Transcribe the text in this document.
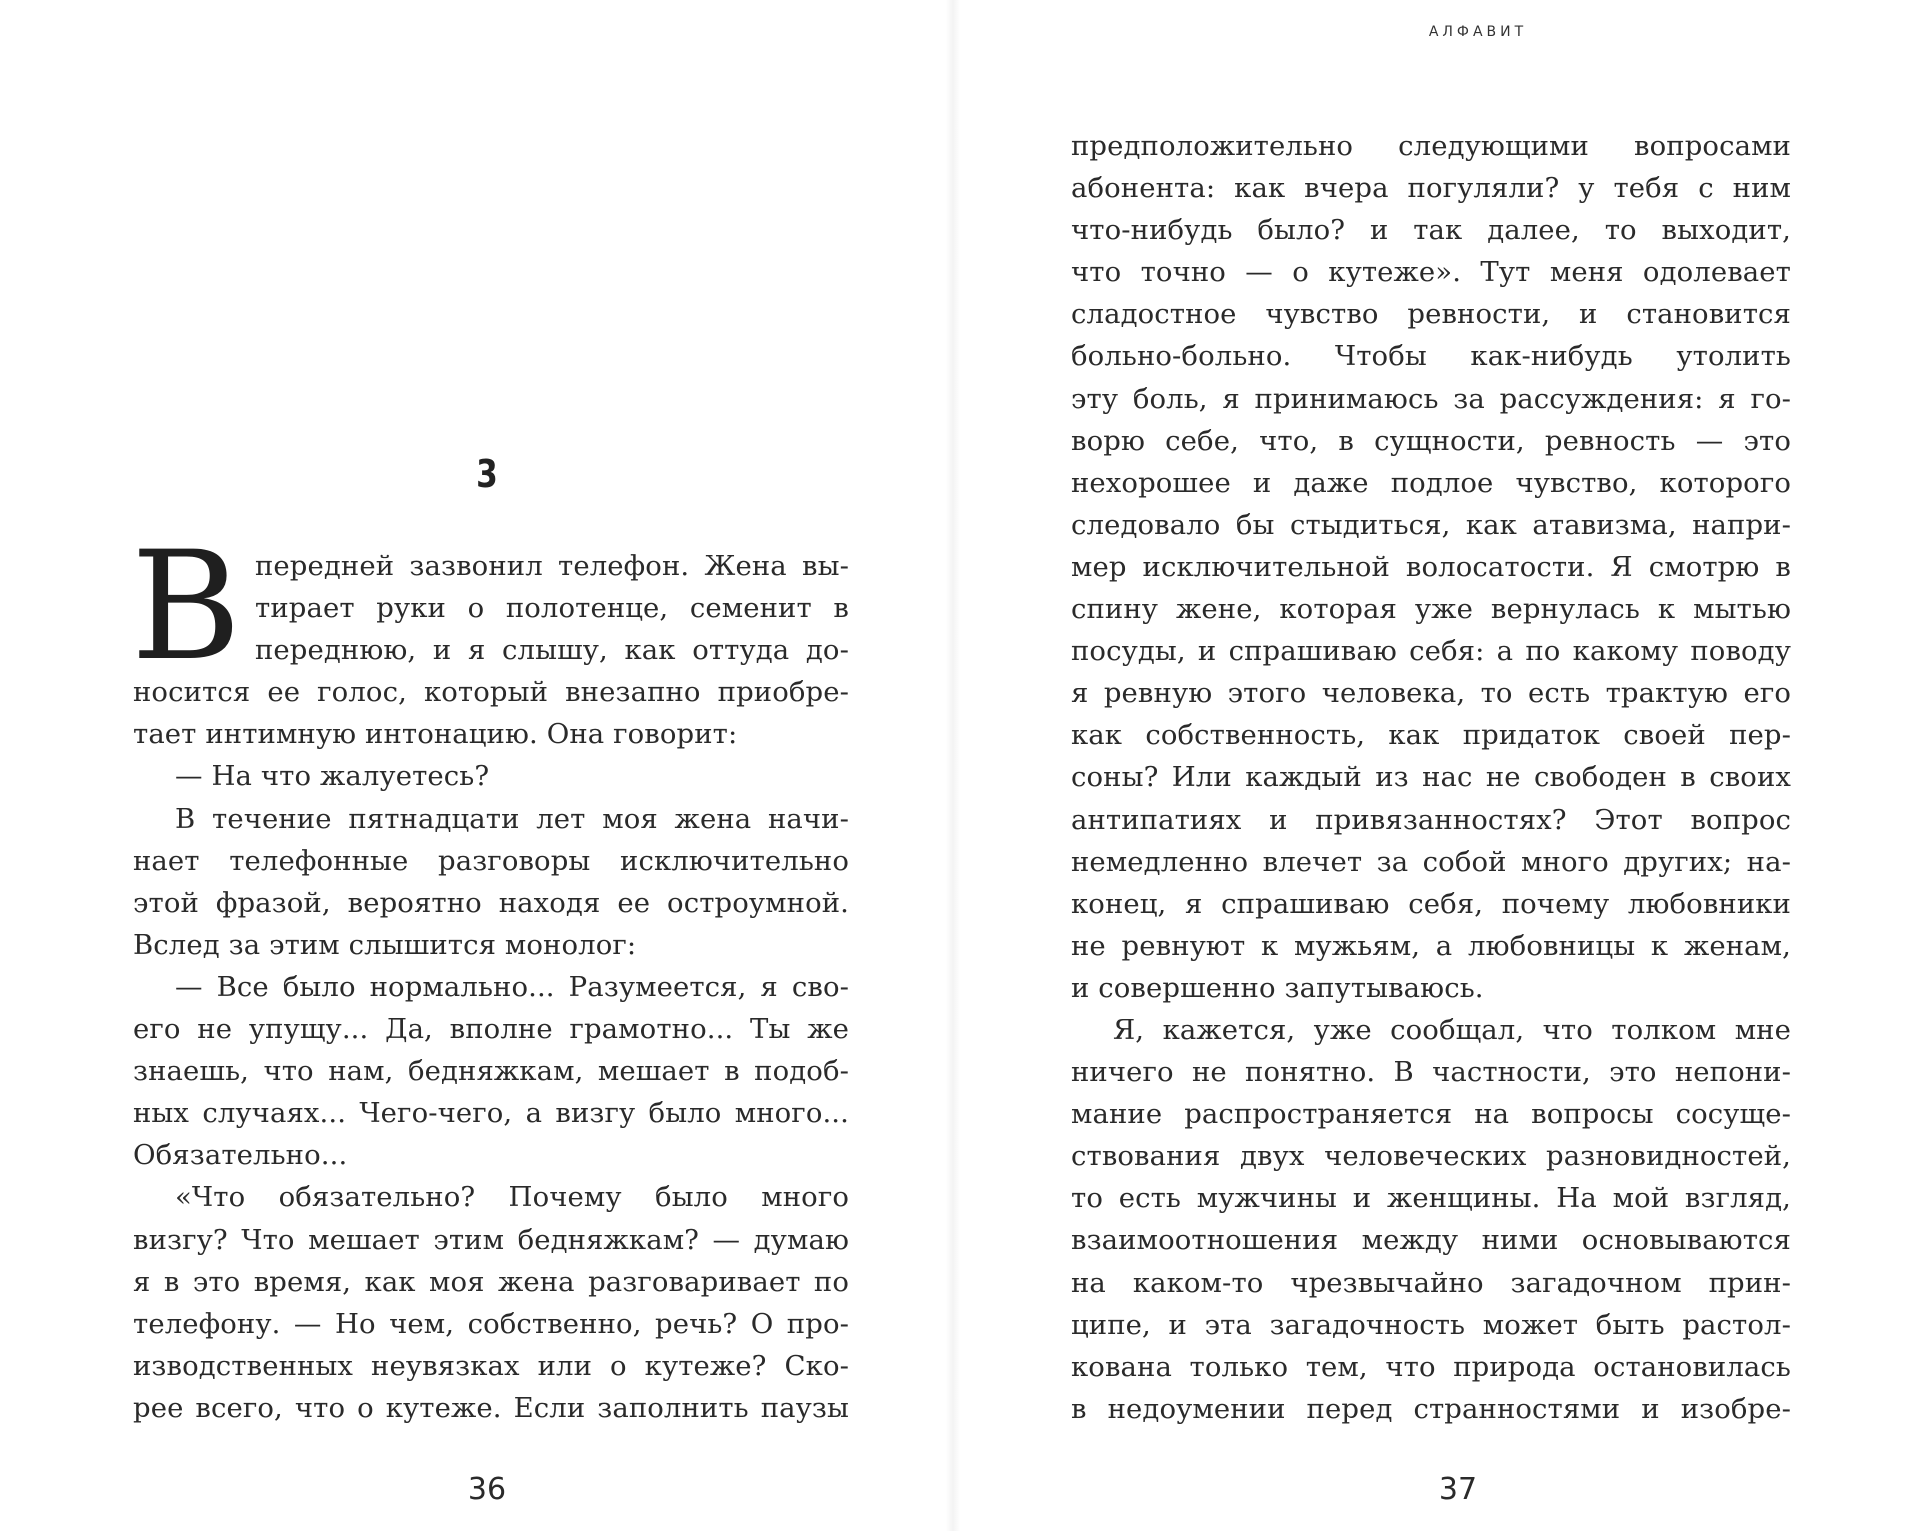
3
В передней зазвонил телефон. Жена вы-
тирает руки о полотенце, семенит в
переднюю, и я слышу, как оттуда до-
носится ее голос, который внезапно приобре-
тает интимную интонацию. Она говорит:
— На что жалуетесь?
В течение пятнадцати лет моя жена начи-
нает телефонные разговоры исключительно
этой фразой, вероятно находя ее остроумной.
Вслед за этим слышится монолог:
— Все было нормально... Разумеется, я сво-
его не упущу... Да, вполне грамотно... Ты же
знаешь, что нам, бедняжкам, мешает в подоб-
ных случаях... Чего-чего, а визгу было много...
Обязательно...
«Что обязательно? Почему было много
визгу? Что мешает этим бедняжкам? — думаю
я в это время, как моя жена разговаривает по
телефону. — Но чем, собственно, речь? О про-
изводственных неувязках или о кутеже? Ско-
рее всего, что о кутеже. Если заполнить паузы
36
АЛФАВИТ
предположительно следующими вопросами
абонента: как вчера погуляли? у тебя с ним
что-нибудь было? и так далее, то выходит,
что точно — о кутеже». Тут меня одолевает
сладостное чувство ревности, и становится
больно-больно. Чтобы как-нибудь утолить
эту боль, я принимаюсь за рассуждения: я го-
ворю себе, что, в сущности, ревность — это
нехорошее и даже подлое чувство, которого
следовало бы стыдиться, как атавизма, напри-
мер исключительной волосатости. Я смотрю в
спину жене, которая уже вернулась к мытью
посуды, и спрашиваю себя: а по какому поводу
я ревную этого человека, то есть трактую его
как собственность, как придаток своей пер-
соны? Или каждый из нас не свободен в своих
антипатиях и привязанностях? Этот вопрос
немедленно влечет за собой много других; на-
конец, я спрашиваю себя, почему любовники
не ревнуют к мужьям, а любовницы к женам,
и совершенно запутываюсь.
Я, кажется, уже сообщал, что толком мне
ничего не понятно. В частности, это непони-
мание распространяется на вопросы сосуще-
ствования двух человеческих разновидностей,
то есть мужчины и женщины. На мой взгляд,
взаимоотношения между ними основываются
на каком-то чрезвычайно загадочном прин-
ципе, и эта загадочность может быть растол-
кована только тем, что природа остановилась
в недоумении перед странностями и изобре-
37
